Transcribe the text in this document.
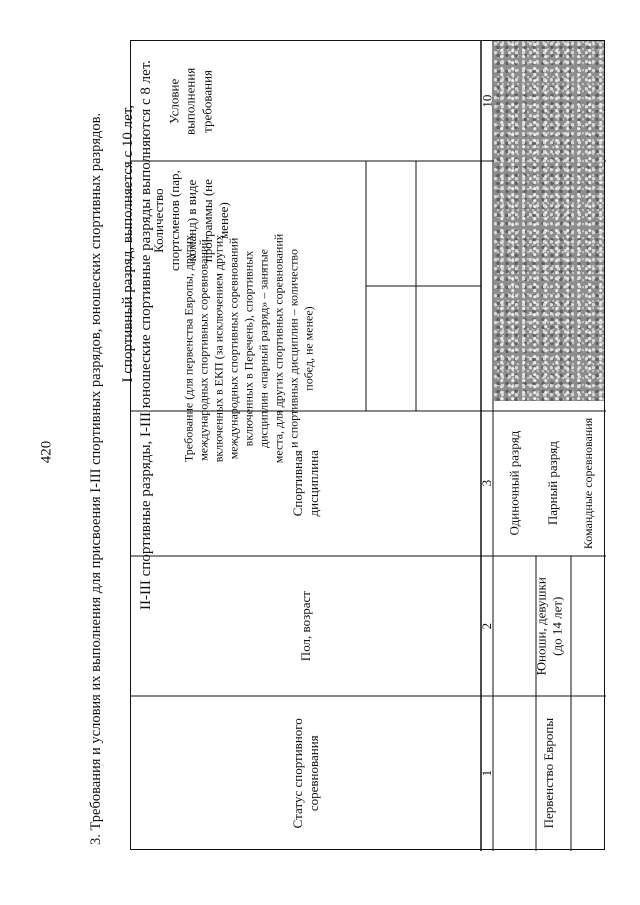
420 3. Требования и условия их выполнения для присвоения I-III спортивных разрядов, юношеских спортивных разрядов. I спортивный разряд, выполняется с 10 лет, II-III спортивные разряды, I-III юношеские спортивные разряды выполняются с 8 лет. Условие выполнения требования
Количество спортсменов (пар, команд) в виде программы (не менее)
Требование (для первенства Европы, других международных спортивных соревнований, включенных в ЕКП (за исключением других международных спортивных соревнований включенных в Перечень), спортивных дисциплин «парный разряд» – занятые места, для других спортивных соревнований и спортивных дисциплин – количество побед, не менее)
Спортивная дисциплина
Пол, возраст
Статус спортивного соревнования
10
3
2
1
Одиночный разряд Парный разряд Командные соревнования
Юноши, девушки (до 14 лет)
Первенство Европы
